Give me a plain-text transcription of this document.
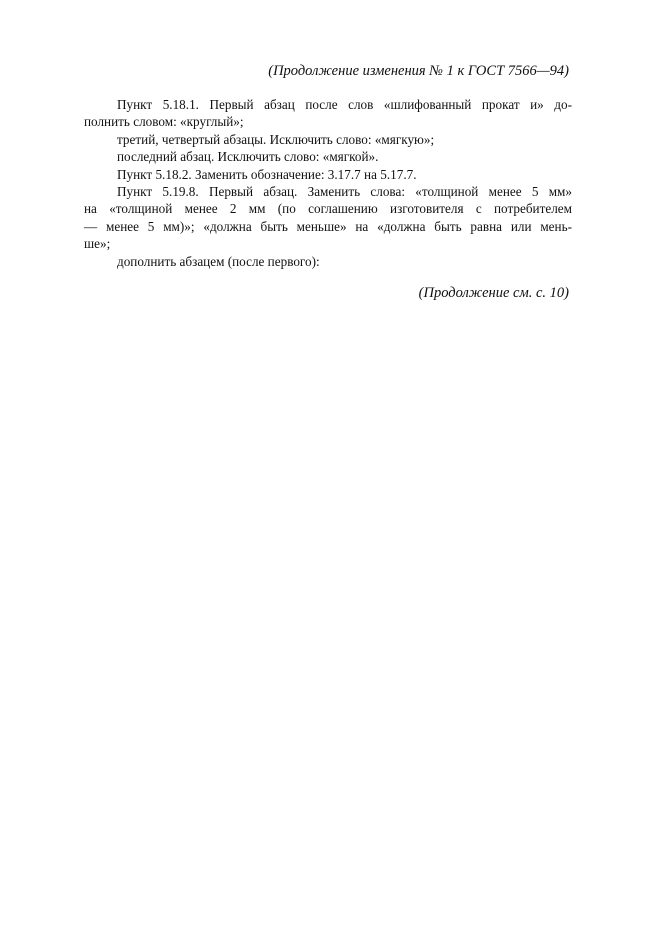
(Продолжение изменения № 1 к ГОСТ 7566—94)
Пункт 5.18.1. Первый абзац после слов «шлифованный прокат и» до-
полнить словом: «круглый»;
третий, четвертый абзацы. Исключить слово: «мягкую»;
последний абзац. Исключить слово: «мягкой».
Пункт 5.18.2. Заменить обозначение: 3.17.7 на 5.17.7.
Пункт 5.19.8. Первый абзац. Заменить слова: «толщиной менее 5 мм»
на «толщиной менее 2 мм (по соглашению изготовителя с потребителем
— менее 5 мм)»; «должна быть меньше» на «должна быть равна или мень-
ше»;
дополнить абзацем (после первого):
(Продолжение см. с. 10)
